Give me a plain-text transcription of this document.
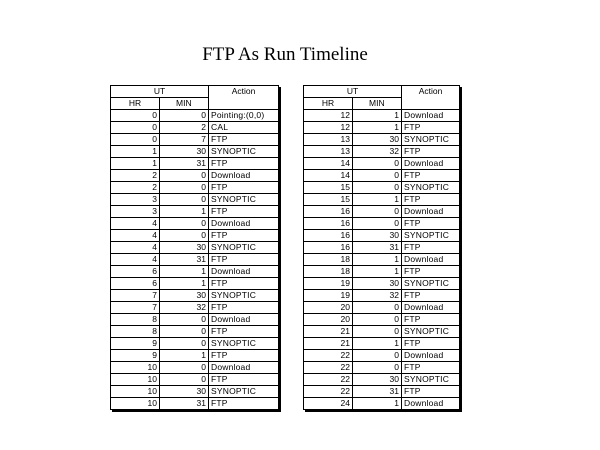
FTP As Run Timeline
UT		Action
HR	MIN	
0	0	Pointing:(0,0)
0	2	CAL
0	7	FTP
1	30	SYNOPTIC
1	31	FTP
2	0	Download
2	0	FTP
3	0	SYNOPTIC
3	1	FTP
4	0	Download
4	0	FTP
4	30	SYNOPTIC
4	31	FTP
6	1	Download
6	1	FTP
7	30	SYNOPTIC
7	32	FTP
8	0	Download
8	0	FTP
9	0	SYNOPTIC
9	1	FTP
10	0	Download
10	0	FTP
10	30	SYNOPTIC
10	31	FTP
UT		Action
HR	MIN	
12	1	Download
12	1	FTP
13	30	SYNOPTIC
13	32	FTP
14	0	Download
14	0	FTP
15	0	SYNOPTIC
15	1	FTP
16	0	Download
16	0	FTP
16	30	SYNOPTIC
16	31	FTP
18	1	Download
18	1	FTP
19	30	SYNOPTIC
19	32	FTP
20	0	Download
20	0	FTP
21	0	SYNOPTIC
21	1	FTP
22	0	Download
22	0	FTP
22	30	SYNOPTIC
22	31	FTP
24	1	Download
